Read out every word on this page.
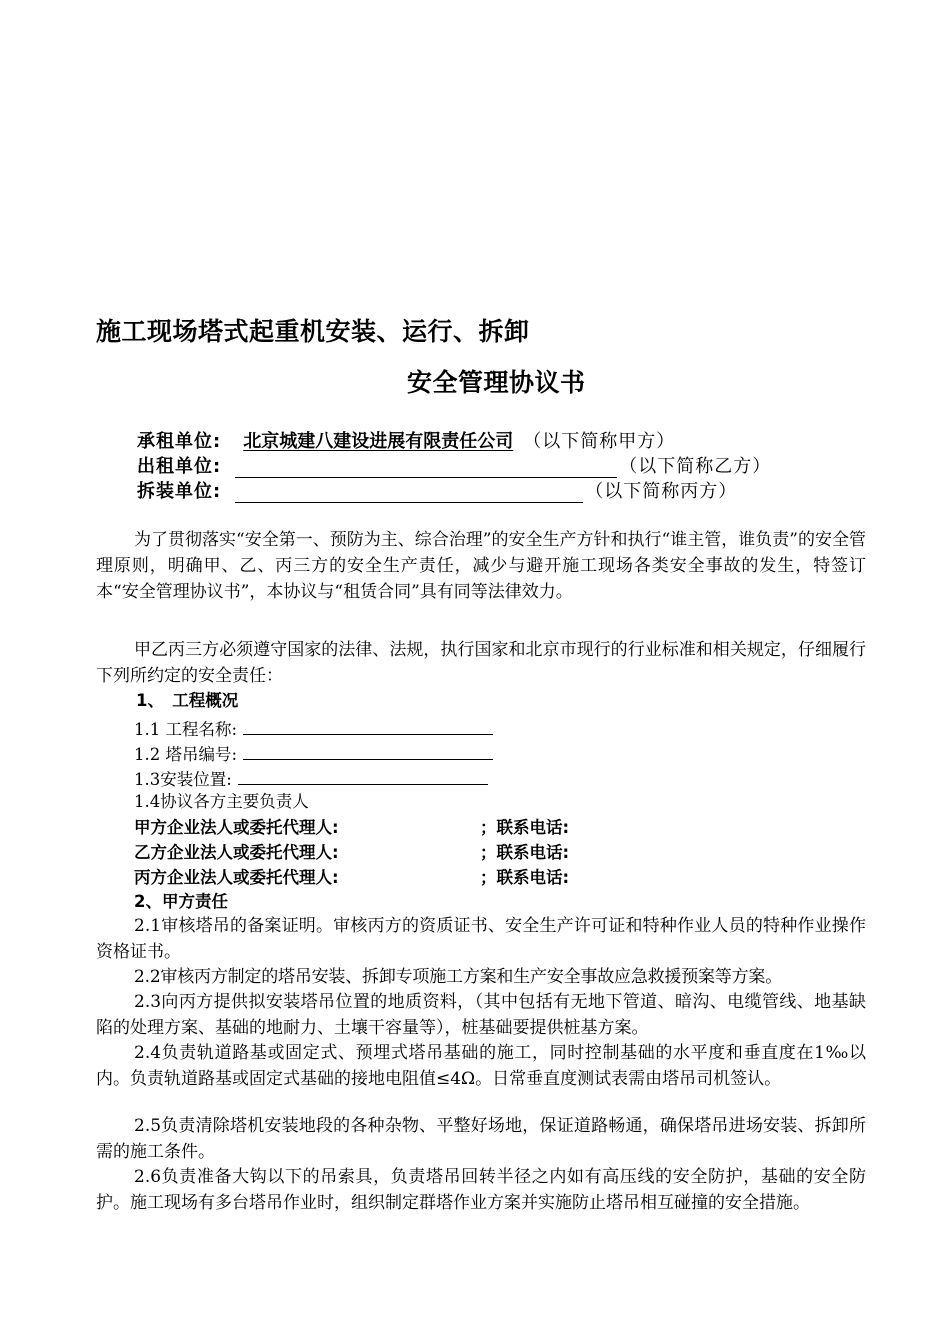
施工现场塔式起重机安装、运行、拆卸
安全管理协议书
承租单位:	北京城建八建设进展有限责任公司 （以下简称甲方）
出租单位:	（以下简称乙方）
拆装单位:	（以下简称丙方）
为了贯彻落实“安全第一、预防为主、综合治理”的安全生产方针和执行“谁主管，谁负责”的安全管理原则，明确甲、乙、丙三方的安全生产责任，减少与避开施工现场各类安全事故的发生，特签订本“安全管理协议书”，本协议与“租赁合同”具有同等法律效力。
甲乙丙三方必须遵守国家的法律、法规，执行国家和北京市现行的行业标准和相关规定，仔细履行下列所约定的安全责任：
1、　工程概况
1.1 工程名称:
1.2 塔吊编号:
1.3安装位置:
1.4协议各方主要负责人
甲方企业法人或委托代理人:	；联系电话:
乙方企业法人或委托代理人:	；联系电话:
丙方企业法人或委托代理人:	；联系电话:
2、甲方责任
2.1审核塔吊的备案证明。审核丙方的资质证书、安全生产许可证和特种作业人员的特种作业操作资格证书。
2.2审核丙方制定的塔吊安装、拆卸专项施工方案和生产安全事故应急救援预案等方案。
2.3向丙方提供拟安装塔吊位置的地质资料，（其中包括有无地下管道、暗沟、电缆管线、地基缺陷的处理方案、基础的地耐力、土壤干容量等），桩基础要提供桩基方案。
2.4负责轨道路基或固定式、预埋式塔吊基础的施工，同时控制基础的水平度和垂直度在1‰以内。负责轨道路基或固定式基础的接地电阻值≤4Ω。日常垂直度测试表需由塔吊司机签认。
2.5负责清除塔机安装地段的各种杂物、平整好场地，保证道路畅通，确保塔吊进场安装、拆卸所需的施工条件。
2.6负责准备大钩以下的吊索具，负责塔吊回转半径之内如有高压线的安全防护，基础的安全防护。施工现场有多台塔吊作业时，组织制定群塔作业方案并实施防止塔吊相互碰撞的安全措施。
